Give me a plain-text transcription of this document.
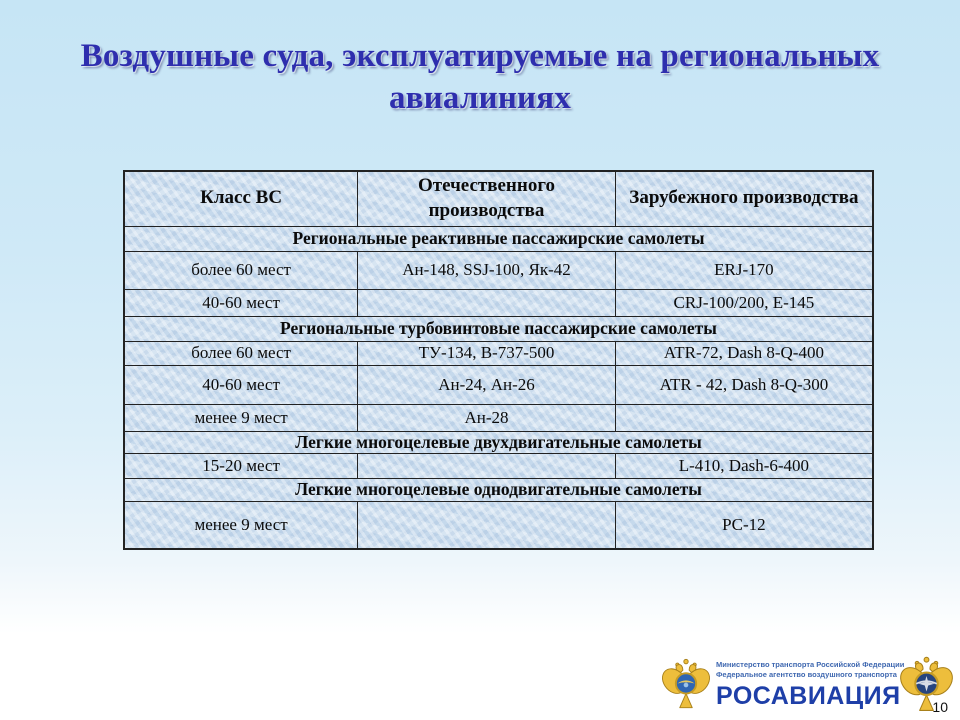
Воздушные суда, эксплуатируемые на региональных авиалиниях
Класс ВС	Отечественного производства	Зарубежного производства
Региональные реактивные пассажирские самолеты		
более 60 мест	Ан-148, SSJ-100, Як-42	ERJ-170
40-60 мест		CRJ-100/200, E-145
Региональные турбовинтовые пассажирские самолеты		
более 60 мест	ТУ-134, В-737-500	ATR-72, Dash 8-Q-400
40-60 мест	Ан-24, Ан-26	ATR - 42, Dash 8-Q-300
менее 9 мест	Ан-28	
Легкие многоцелевые двухдвигательные самолеты		
15-20 мест		L-410, Dash-6-400
Легкие многоцелевые однодвигательные самолеты		
менее 9 мест		PC-12
Министерство транспорта Российской Федерации
Федеральное агентство воздушного транспорта
РОСАВИАЦИЯ 10
